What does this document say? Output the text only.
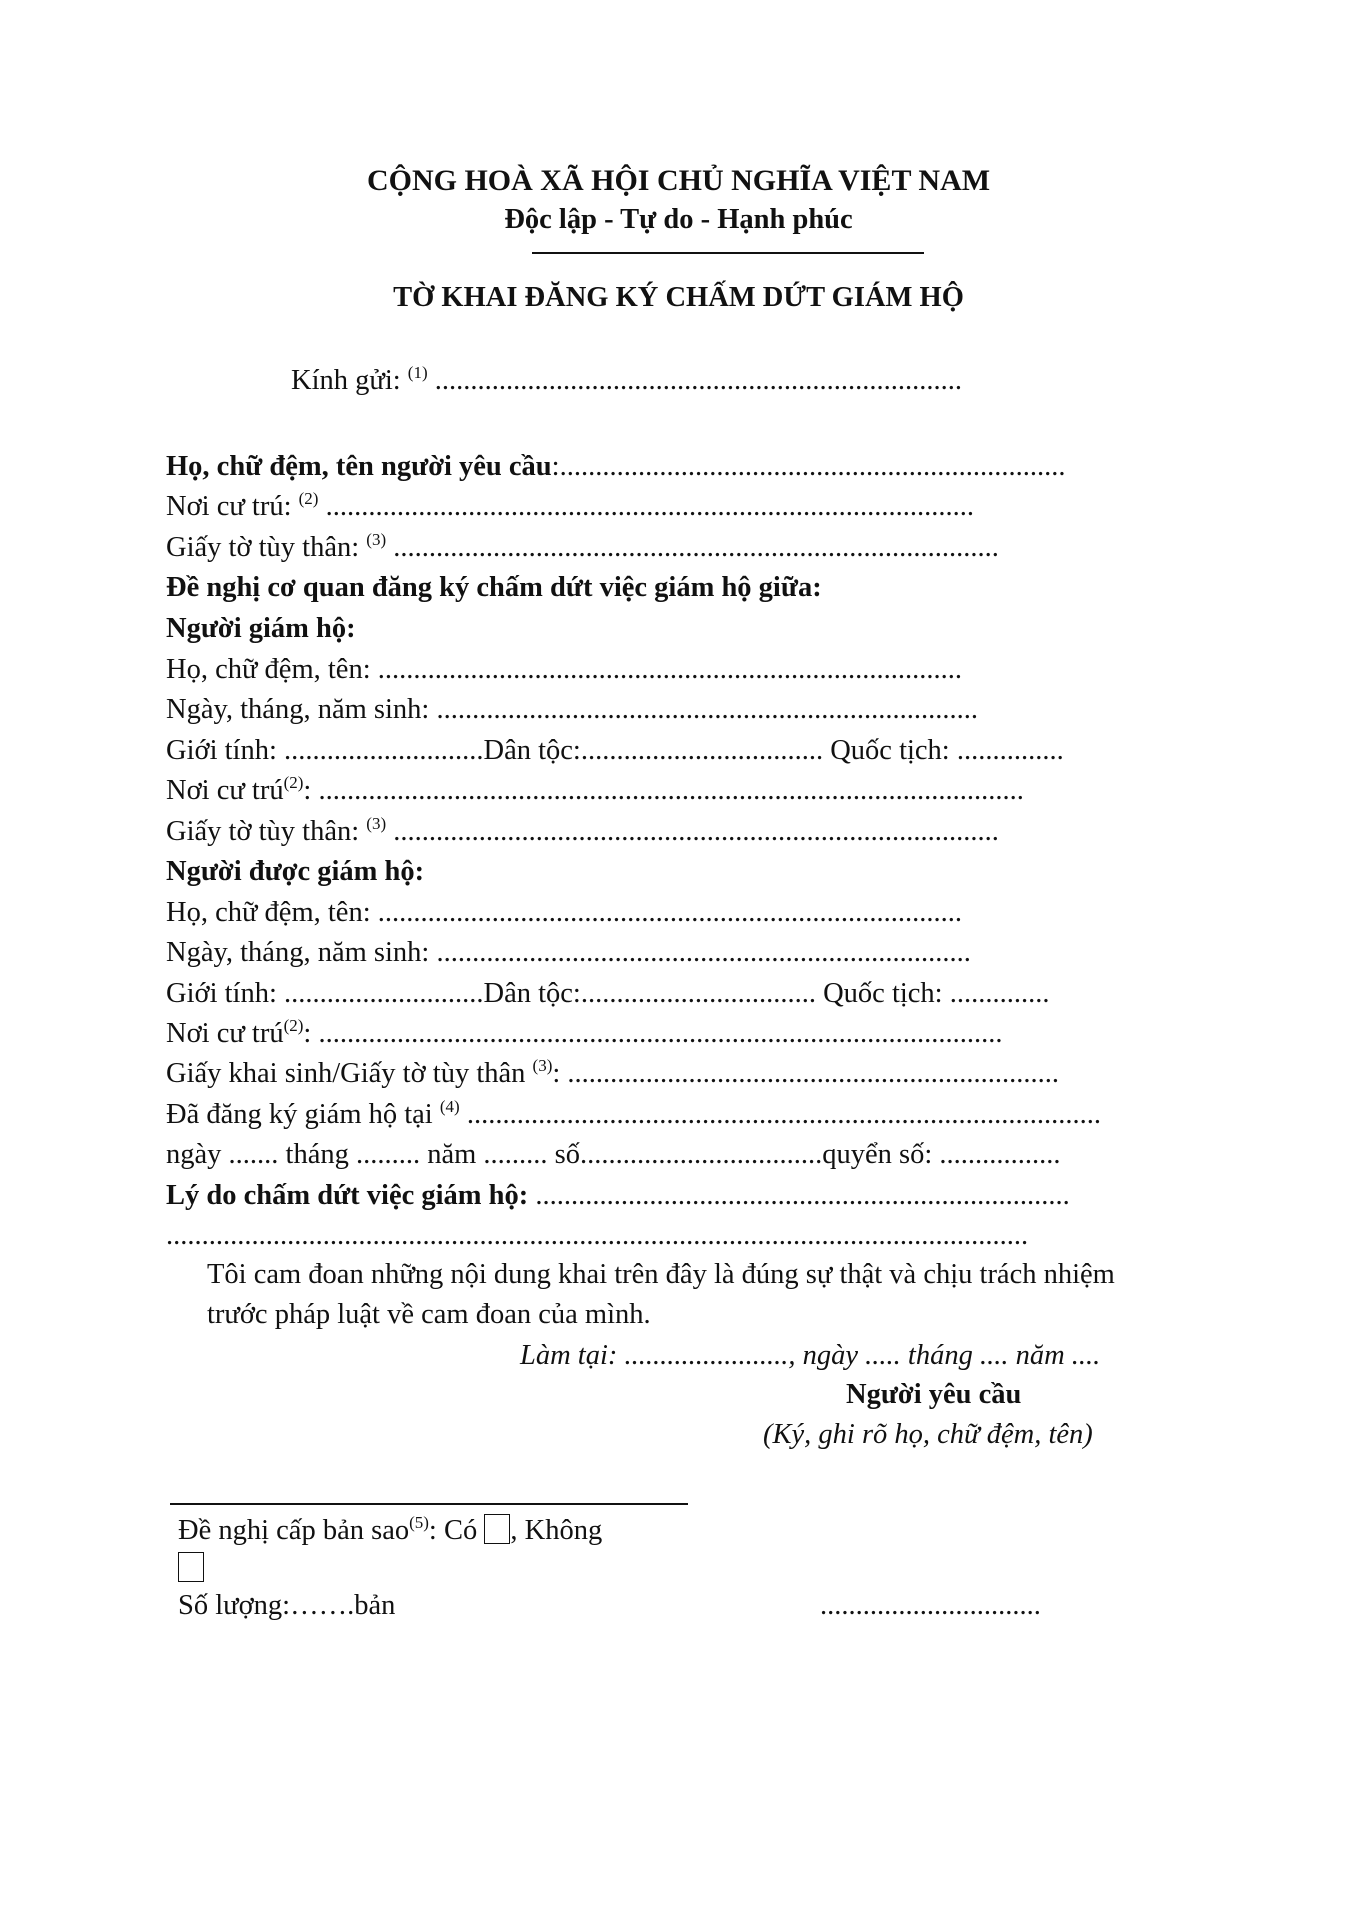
CỘNG HOÀ XÃ HỘI CHỦ NGHĨA VIỆT NAM
Độc lập - Tự do - Hạnh phúc
TỜ KHAI ĐĂNG KÝ CHẤM DỨT GIÁM HỘ
Kính gửi: $^{(1)}$ ..........................................................................
Họ, chữ đệm, tên người yêu cầu:.......................................................................
Nơi cư trú: $^{(2)}$ ...........................................................................................
Giấy tờ tùy thân: $^{(3)}$ .....................................................................................
Đề nghị cơ quan đăng ký chấm dứt việc giám hộ giữa:
Người giám hộ:
Họ, chữ đệm, tên: ..................................................................................
Ngày, tháng, năm sinh: ............................................................................
Giới tính: ............................Dân tộc:.................................. Quốc tịch: ...............
Nơi cư trú$^{(2)}$: ...................................................................................................
Giấy tờ tùy thân: $^{(3)}$ .....................................................................................
Người được giám hộ:
Họ, chữ đệm, tên: ..................................................................................
Ngày, tháng, năm sinh: ...........................................................................
Giới tính: ............................Dân tộc:................................. Quốc tịch: ..............
Nơi cư trú$^{(2)}$: ................................................................................................
Giấy khai sinh/Giấy tờ tùy thân $^{(3)}$: .....................................................................
Đã đăng ký giám hộ tại $^{(4)}$ .........................................................................................
ngày ....... tháng ......... năm ......... số..................................quyển số: .................
Lý do chấm dứt việc giám hộ: ...........................................................................
.........................................................................................................................
Tôi cam đoan những nội dung khai trên đây là đúng sự thật và chịu trách nhiệm
trước pháp luật về cam đoan của mình.
Làm tại: ......................., ngày ..... tháng .... năm ....
Người yêu cầu
(Ký, ghi rõ họ, chữ đệm, tên)
Đề nghị cấp bản sao$^{(5)}$: Có , Không
Số lượng:…….bản	...............................
